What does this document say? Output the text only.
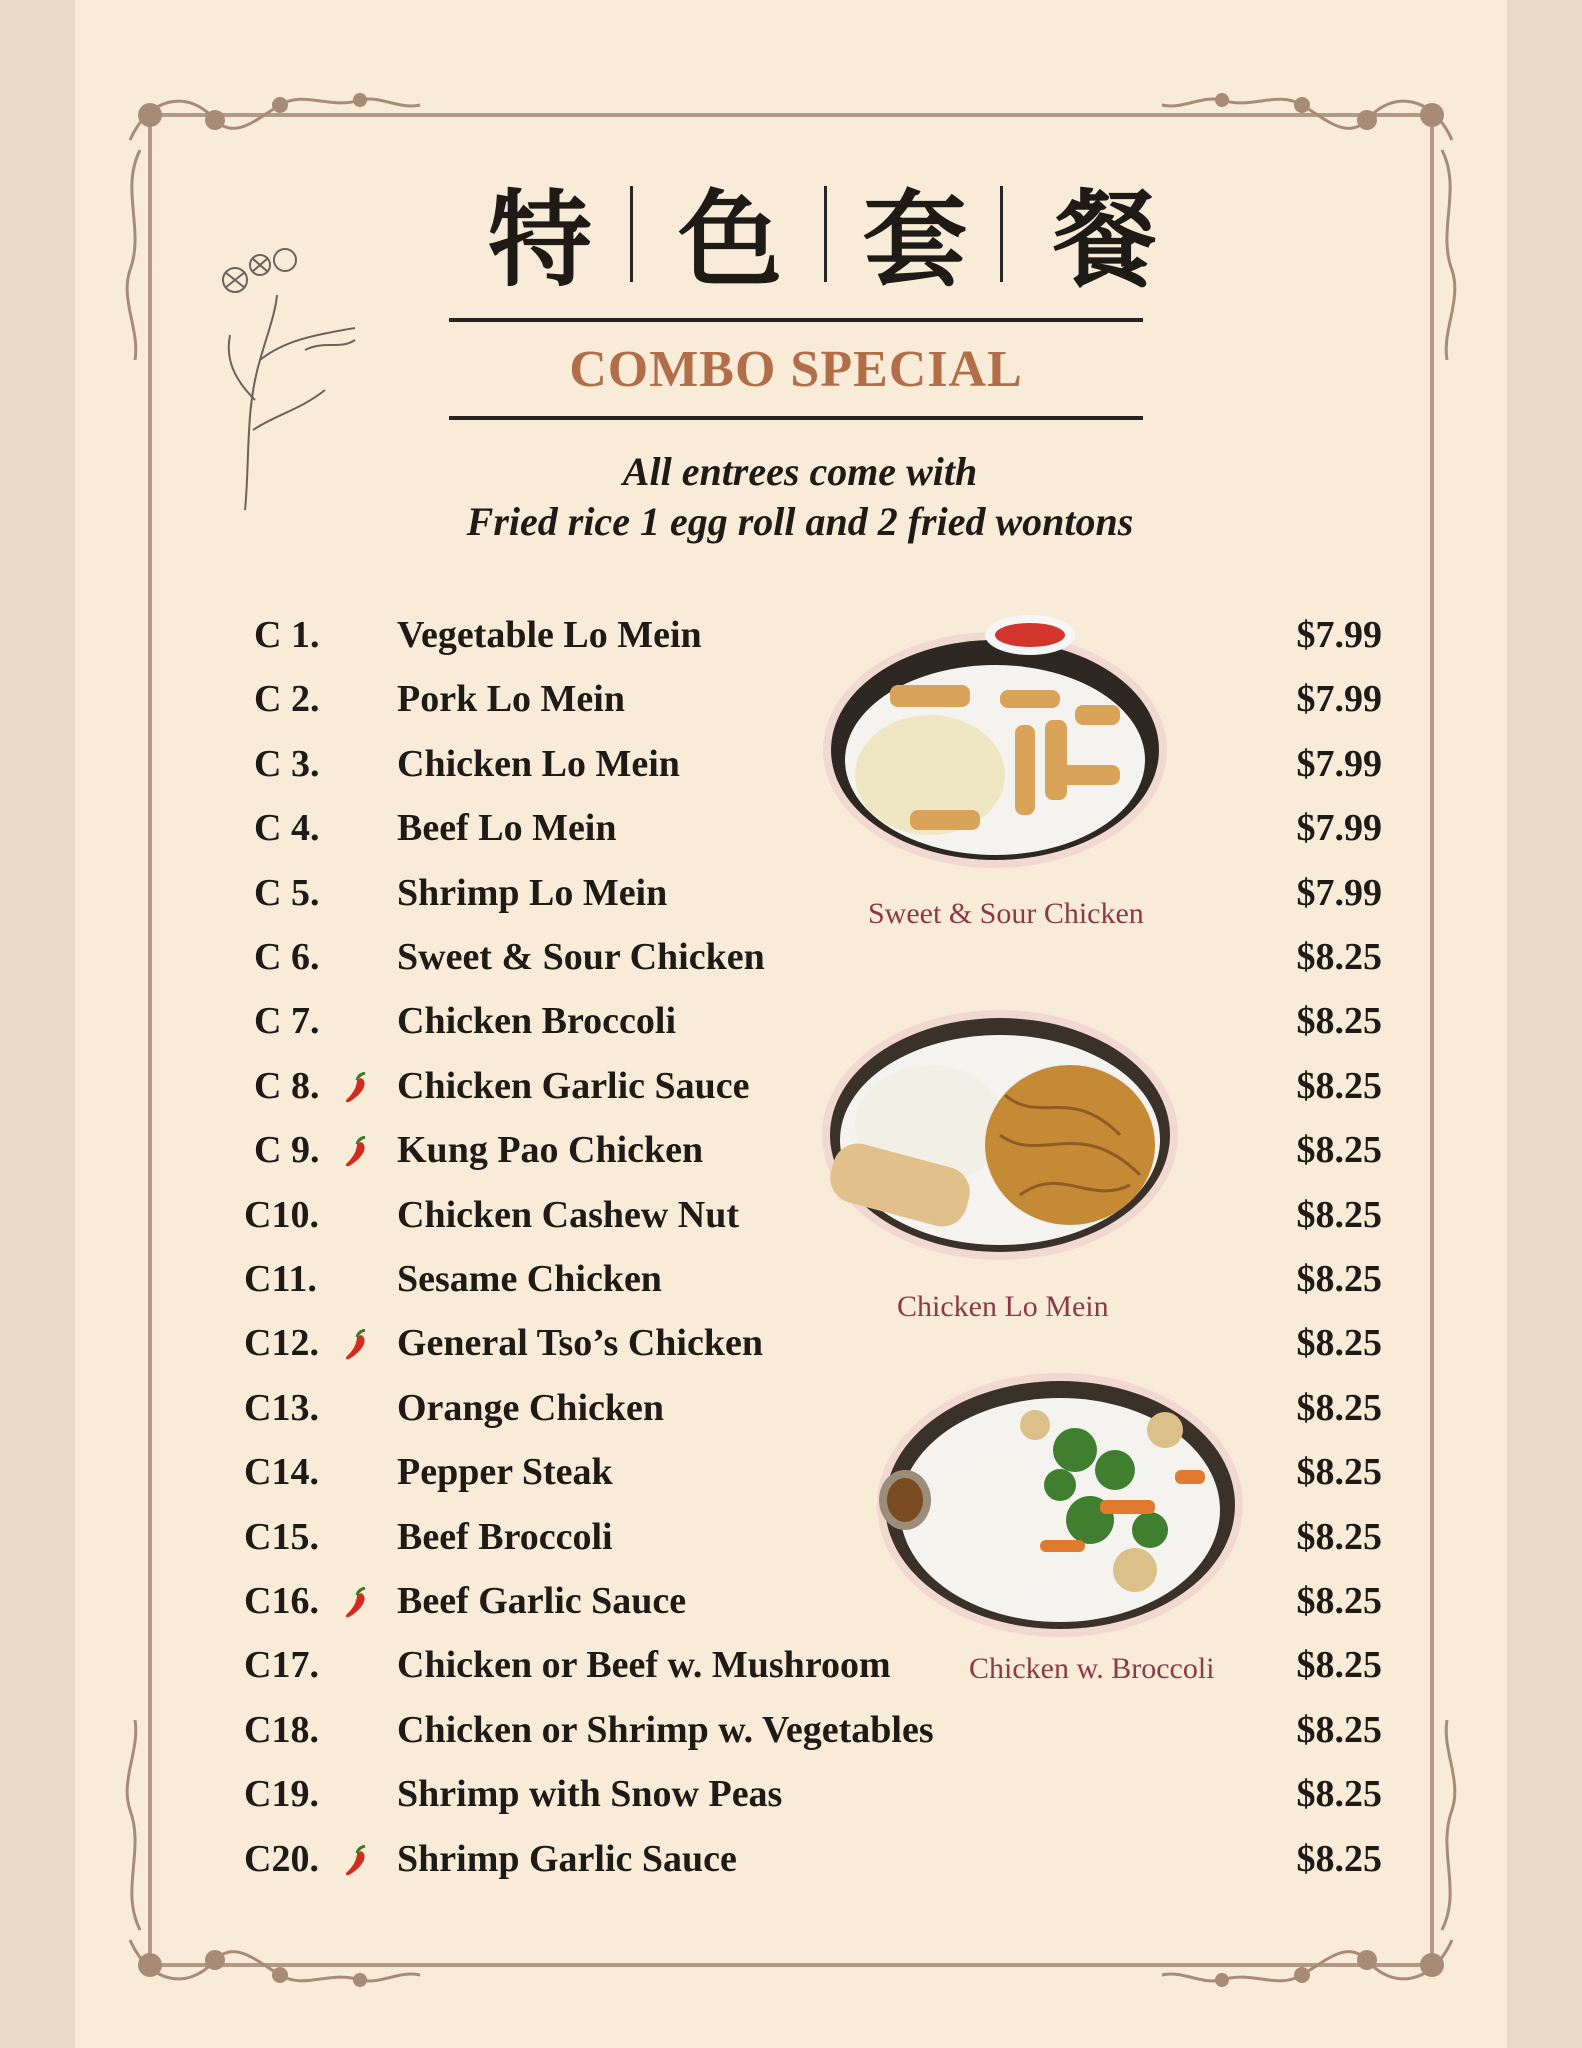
特 色 套 餐
COMBO SPECIAL
All entrees come with
Fried rice 1 egg roll and 2 fried wontons
C 1. Vegetable Lo Mein	$7.99
C 2. Pork Lo Mein	$7.99
C 3. Chicken Lo Mein	$7.99
C 4. Beef Lo Mein	$7.99
C 5. Shrimp Lo Mein	$7.99
C 6. Sweet & Sour Chicken	$8.25
C 7. Chicken Broccoli	$8.25
C 8. Chicken Garlic Sauce	$8.25
C 9. Kung Pao Chicken	$8.25
C10. Chicken Cashew Nut	$8.25
C11. Sesame Chicken	$8.25
C12. General Tso’s Chicken	$8.25
C13. Orange Chicken	$8.25
C14. Pepper Steak	$8.25
C15. Beef Broccoli	$8.25
C16. Beef Garlic Sauce	$8.25
C17. Chicken or Beef w. Mushroom	$8.25
C18. Chicken or Shrimp w. Vegetables	$8.25
C19. Shrimp with Snow Peas	$8.25
C20. Shrimp Garlic Sauce	$8.25
Sweet & Sour Chicken
Chicken Lo Mein
Chicken w. Broccoli
